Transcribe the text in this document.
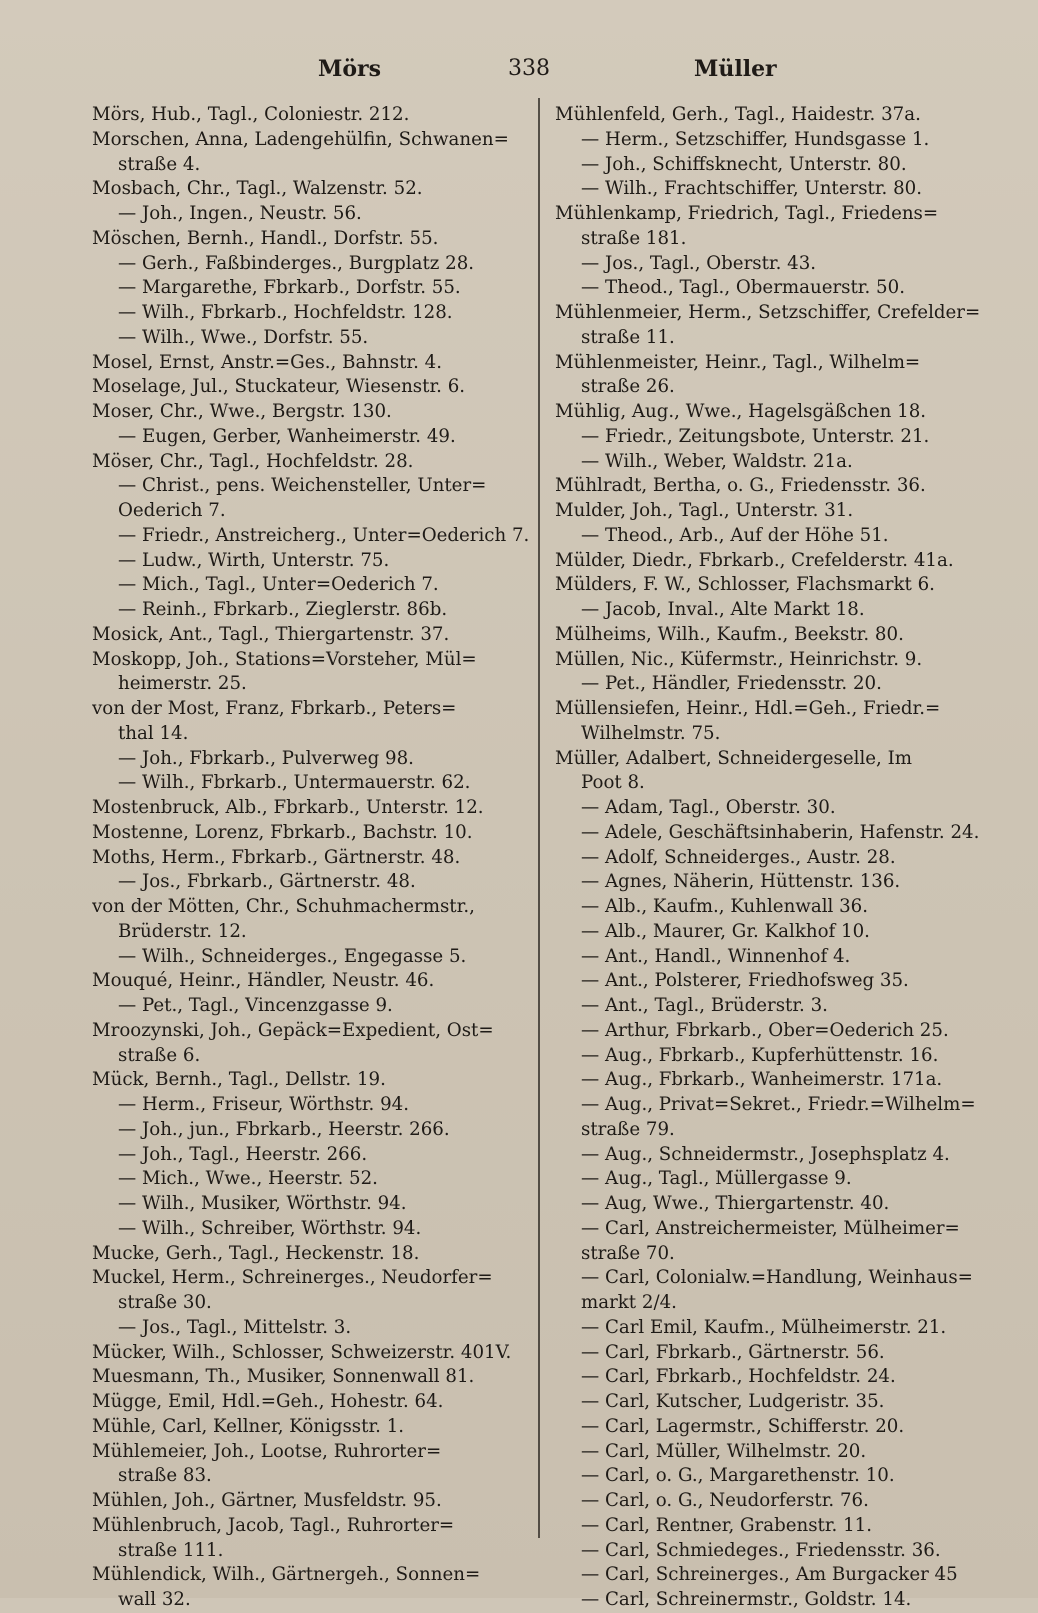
Mörs	338	Müller
Mörs, Hub., Tagl., Coloniestr. 212.
Morschen, Anna, Ladengehülfin, Schwanen=
straße 4.
Mosbach, Chr., Tagl., Walzenstr. 52.
— Joh., Ingen., Neustr. 56.
Möschen, Bernh., Handl., Dorfstr. 55.
— Gerh., Faßbinderges., Burgplatz 28.
— Margarethe, Fbrkarb., Dorfstr. 55.
— Wilh., Fbrkarb., Hochfeldstr. 128.
— Wilh., Wwe., Dorfstr. 55.
Mosel, Ernst, Anstr.=Ges., Bahnstr. 4.
Moselage, Jul., Stuckateur, Wiesenstr. 6.
Moser, Chr., Wwe., Bergstr. 130.
— Eugen, Gerber, Wanheimerstr. 49.
Möser, Chr., Tagl., Hochfeldstr. 28.
— Christ., pens. Weichensteller, Unter=
Oederich 7.
— Friedr., Anstreicherg., Unter=Oederich 7.
— Ludw., Wirth, Unterstr. 75.
— Mich., Tagl., Unter=Oederich 7.
— Reinh., Fbrkarb., Zieglerstr. 86b.
Mosick, Ant., Tagl., Thiergartenstr. 37.
Moskopp, Joh., Stations=Vorsteher, Mül=
heimerstr. 25.
von der Most, Franz, Fbrkarb., Peters=
thal 14.
— Joh., Fbrkarb., Pulverweg 98.
— Wilh., Fbrkarb., Untermauerstr. 62.
Mostenbruck, Alb., Fbrkarb., Unterstr. 12.
Mostenne, Lorenz, Fbrkarb., Bachstr. 10.
Moths, Herm., Fbrkarb., Gärtnerstr. 48.
— Jos., Fbrkarb., Gärtnerstr. 48.
von der Mötten, Chr., Schuhmachermstr.,
Brüderstr. 12.
— Wilh., Schneiderges., Engegasse 5.
Mouqué, Heinr., Händler, Neustr. 46.
— Pet., Tagl., Vincenzgasse 9.
Mroozynski, Joh., Gepäck=Expedient, Ost=
straße 6.
Mück, Bernh., Tagl., Dellstr. 19.
— Herm., Friseur, Wörthstr. 94.
— Joh., jun., Fbrkarb., Heerstr. 266.
— Joh., Tagl., Heerstr. 266.
— Mich., Wwe., Heerstr. 52.
— Wilh., Musiker, Wörthstr. 94.
— Wilh., Schreiber, Wörthstr. 94.
Mucke, Gerh., Tagl., Heckenstr. 18.
Muckel, Herm., Schreinerges., Neudorfer=
straße 30.
— Jos., Tagl., Mittelstr. 3.
Mücker, Wilh., Schlosser, Schweizerstr. 401V.
Muesmann, Th., Musiker, Sonnenwall 81.
Mügge, Emil, Hdl.=Geh., Hohestr. 64.
Mühle, Carl, Kellner, Königsstr. 1.
Mühlemeier, Joh., Lootse, Ruhrorter=
straße 83.
Mühlen, Joh., Gärtner, Musfeldstr. 95.
Mühlenbruch, Jacob, Tagl., Ruhrorter=
straße 111.
Mühlendick, Wilh., Gärtnergeh., Sonnen=
wall 32.
Mühlenfeld, Gerh., Tagl., Haidestr. 37a.
— Herm., Setzschiffer, Hundsgasse 1.
— Joh., Schiffsknecht, Unterstr. 80.
— Wilh., Frachtschiffer, Unterstr. 80.
Mühlenkamp, Friedrich, Tagl., Friedens=
straße 181.
— Jos., Tagl., Oberstr. 43.
— Theod., Tagl., Obermauerstr. 50.
Mühlenmeier, Herm., Setzschiffer, Crefelder=
straße 11.
Mühlenmeister, Heinr., Tagl., Wilhelm=
straße 26.
Mühlig, Aug., Wwe., Hagelsgäßchen 18.
— Friedr., Zeitungsbote, Unterstr. 21.
— Wilh., Weber, Waldstr. 21a.
Mühlradt, Bertha, o. G., Friedensstr. 36.
Mulder, Joh., Tagl., Unterstr. 31.
— Theod., Arb., Auf der Höhe 51.
Mülder, Diedr., Fbrkarb., Crefelderstr. 41a.
Mülders, F. W., Schlosser, Flachsmarkt 6.
— Jacob, Inval., Alte Markt 18.
Mülheims, Wilh., Kaufm., Beekstr. 80.
Müllen, Nic., Küfermstr., Heinrichstr. 9.
— Pet., Händler, Friedensstr. 20.
Müllensiefen, Heinr., Hdl.=Geh., Friedr.=
Wilhelmstr. 75.
Müller, Adalbert, Schneidergeselle, Im
Poot 8.
— Adam, Tagl., Oberstr. 30.
— Adele, Geschäftsinhaberin, Hafenstr. 24.
— Adolf, Schneiderges., Austr. 28.
— Agnes, Näherin, Hüttenstr. 136.
— Alb., Kaufm., Kuhlenwall 36.
— Alb., Maurer, Gr. Kalkhof 10.
— Ant., Handl., Winnenhof 4.
— Ant., Polsterer, Friedhofsweg 35.
— Ant., Tagl., Brüderstr. 3.
— Arthur, Fbrkarb., Ober=Oederich 25.
— Aug., Fbrkarb., Kupferhüttenstr. 16.
— Aug., Fbrkarb., Wanheimerstr. 171a.
— Aug., Privat=Sekret., Friedr.=Wilhelm=
straße 79.
— Aug., Schneidermstr., Josephsplatz 4.
— Aug., Tagl., Müllergasse 9.
— Aug, Wwe., Thiergartenstr. 40.
— Carl, Anstreichermeister, Mülheimer=
straße 70.
— Carl, Colonialw.=Handlung, Weinhaus=
markt 2/4.
— Carl Emil, Kaufm., Mülheimerstr. 21.
— Carl, Fbrkarb., Gärtnerstr. 56.
— Carl, Fbrkarb., Hochfeldstr. 24.
— Carl, Kutscher, Ludgeristr. 35.
— Carl, Lagermstr., Schifferstr. 20.
— Carl, Müller, Wilhelmstr. 20.
— Carl, o. G., Margarethenstr. 10.
— Carl, o. G., Neudorferstr. 76.
— Carl, Rentner, Grabenstr. 11.
— Carl, Schmiedeges., Friedensstr. 36.
— Carl, Schreinerges., Am Burgacker 45
— Carl, Schreinermstr., Goldstr. 14.
